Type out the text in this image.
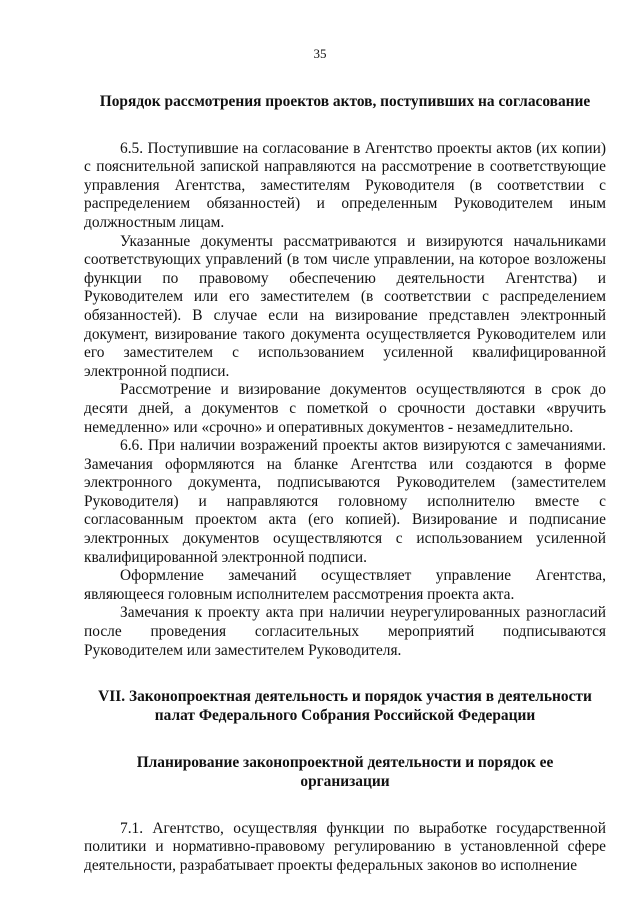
35

Порядок рассмотрения проектов актов, поступивших на согласование

6.5. Поступившие на согласование в Агентство проекты актов (их копии) с пояснительной запиской направляются на рассмотрение в соответствующие управления Агентства, заместителям Руководителя (в соответствии с распределением обязанностей) и определенным Руководителем иным должностным лицам.

Указанные документы рассматриваются и визируются начальниками соответствующих управлений (в том числе управлении, на которое возложены функции по правовому обеспечению деятельности Агентства) и Руководителем или его заместителем (в соответствии с распределением обязанностей). В случае если на визирование представлен электронный документ, визирование такого документа осуществляется Руководителем или его заместителем с использованием усиленной квалифицированной электронной подписи.

Рассмотрение и визирование документов осуществляются в срок до десяти дней, а документов с пометкой о срочности доставки «вручить немедленно» или «срочно» и оперативных документов - незамедлительно.

6.6. При наличии возражений проекты актов визируются с замечаниями. Замечания оформляются на бланке Агентства или создаются в форме электронного документа, подписываются Руководителем (заместителем Руководителя) и направляются головному исполнителю вместе с согласованным проектом акта (его копией). Визирование и подписание электронных документов осуществляются с использованием усиленной квалифицированной электронной подписи.

Оформление замечаний осуществляет управление Агентства, являющееся головным исполнителем рассмотрения проекта акта.

Замечания к проекту акта при наличии неурегулированных разногласий после проведения согласительных мероприятий подписываются Руководителем или заместителем Руководителя.

VII. Законопроектная деятельность и порядок участия в деятельности

палат Федерального Собрания Российской Федерации

Планирование законопроектной деятельности и порядок ее

организации

7.1. Агентство, осуществляя функции по выработке государственной политики и нормативно-правовому регулированию в установленной сфере деятельности, разрабатывает проекты федеральных законов во исполнение
